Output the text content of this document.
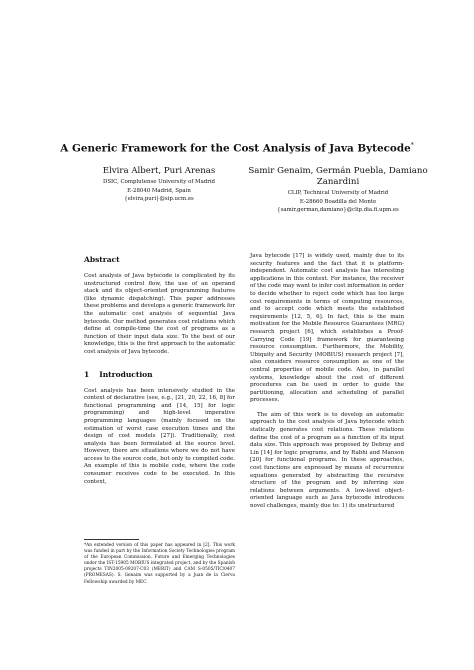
A Generic Framework for the Cost Analysis of Java Bytecode*
Elvira Albert, Puri Arenas
DSIC, Complutense University of Madrid
E-28040 Madrid, Spain
{elvira,puri}@sip.ucm.es
Samir Genaim, Germán Puebla, Damiano Zanardini
CLIP, Technical University of Madrid
E-28660 Boadilla del Monte
{samir,german,damiano}@clip.dia.fi.upm.es
Abstract

Cost analysis of Java bytecode is complicated by its unstructured control flow, the use of an operand stack and its object-oriented programming features (like dynamic dispatching). This paper addresses these problems and develops a generic framework for the automatic cost analysis of sequential Java bytecode. Our method generates cost relations which define at compile-time the cost of programs as a function of their input data size. To the best of our knowledge, this is the first approach to the automatic cost analysis of Java bytecode.

1 Introduction

Cost analysis has been intensively studied in the context of declarative (see, e.g., [21, 20, 22, 16, 8] for functional programming and [14, 15] for logic programming) and high-level imperative programming languages (mainly focused on the estimation of worst case execution times and the design of cost models [27]). Traditionally, cost analysis has been formulated at the source level. However, there are situations where we do not have access to the source code, but only to compiled code. An example of this is mobile code, where the code consumer receives code to be executed. In this context,

Java bytecode [17] is widely used, mainly due to its security features and the fact that it is platform-independent. Automatic cost analysis has interesting applications in this context. For instance, the receiver of the code may want to infer cost information in order to decide whether to reject code which has too large cost requirements in terms of computing resources, and to accept code which meets the established requirements [12, 5, 6]. In fact, this is the main motivation for the Mobile Resource Guarantees (MRG) research project [6], which establishes a Proof-Carrying Code [19] framework for guaranteeing resource consumption. Furthermore, the Mobility, Ubiquity and Security (MOBIUS) research project [7], also considers resource consumption as one of the central properties of mobile code. Also, in parallel systems, knowledge about the cost of different procedures can be used in order to guide the partitioning, allocation and scheduling of parallel processes.

The aim of this work is to develop an automatic approach to the cost analysis of Java bytecode which statically generates cost relations. These relations define the cost of a program as a function of its input data size. This approach was proposed by Debray and Lin [14] for logic programs, and by Rabhi and Manson [20] for functional programs. In these approaches, cost functions are expressed by means of recurrence equations generated by abstracting the recursive structure of the program and by inferring size relations between arguments. A low-level object-oriented language such as Java bytecode introduces novel challenges, mainly due to: 1) its unstructured

*An extended version of this paper has appeared in [2]. This work was funded in part by the Information Society Technologies program of the European Commission, Future and Emerging Technologies under the IST-15905 MOBIUS integrated project, and by the Spanish projects TIN2005-09207-C03 (MERIT) and CAM S-0505/TIC/0407 (PROMESAS). S. Genaim was supported by a Juan de la Cierva Fellowship awarded by MEC.
